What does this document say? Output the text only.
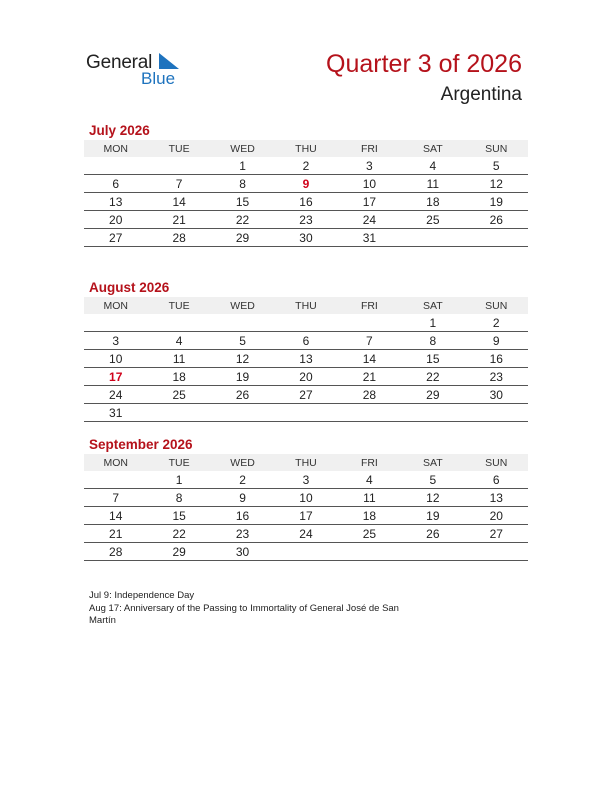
General
Blue
Quarter 3 of 2026
Argentina
July 2026
MON	TUE	WED	THU	FRI	SAT	SUN
		1	2	3	4	5
6	7	8	9	10	11	12
13	14	15	16	17	18	19
20	21	22	23	24	25	26
27	28	29	30	31		
August 2026
MON	TUE	WED	THU	FRI	SAT	SUN
					1	2
3	4	5	6	7	8	9
10	11	12	13	14	15	16
17	18	19	20	21	22	23
24	25	26	27	28	29	30
31						
September 2026
MON	TUE	WED	THU	FRI	SAT	SUN
	1	2	3	4	5	6
7	8	9	10	11	12	13
14	15	16	17	18	19	20
21	22	23	24	25	26	27
28	29	30				
Jul 9: Independence Day
Aug 17: Anniversary of the Passing to Immortality of General José de San Martín
